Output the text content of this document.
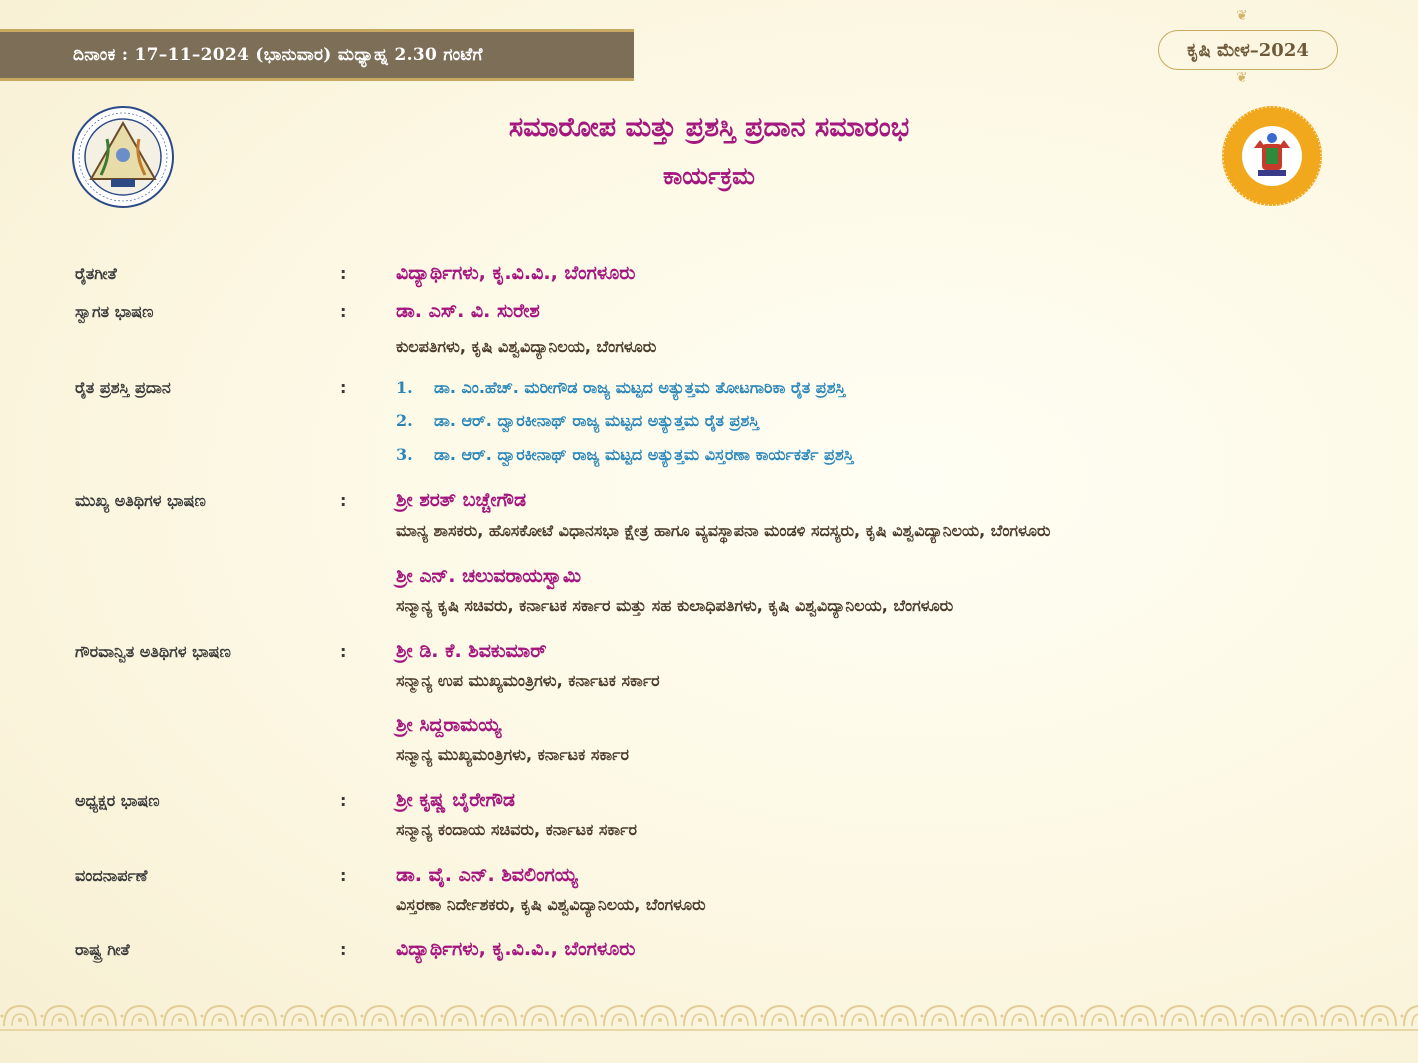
ದಿನಾಂಕ : 17–11–2024 (ಭಾನುವಾರ) ಮಧ್ಯಾಹ್ನ 2.30 ಗಂಟೆಗೆ
❦
ಕೃಷಿ ಮೇಳ–2024
❦
ಸಮಾರೋಪ ಮತ್ತು ಪ್ರಶಸ್ತಿ ಪ್ರದಾನ ಸಮಾರಂಭ
ಕಾರ್ಯಕ್ರಮ
ರೈತಗೀತೆ	:	ವಿದ್ಯಾರ್ಥಿಗಳು, ಕೃ.ವಿ.ವಿ., ಬೆಂಗಳೂರು
ಸ್ವಾಗತ ಭಾಷಣ	:	ಡಾ. ಎಸ್. ವಿ. ಸುರೇಶ
ಕುಲಪತಿಗಳು, ಕೃಷಿ ವಿಶ್ವವಿದ್ಯಾನಿಲಯ, ಬೆಂಗಳೂರು
ರೈತ ಪ್ರಶಸ್ತಿ ಪ್ರದಾನ	:	1. ಡಾ. ಎಂ.ಹೆಚ್. ಮರೀಗೌಡ ರಾಜ್ಯ ಮಟ್ಟದ ಅತ್ಯುತ್ತಮ ತೋಟಗಾರಿಕಾ ರೈತ ಪ್ರಶಸ್ತಿ
2. ಡಾ. ಆರ್. ದ್ವಾರಕೀನಾಥ್ ರಾಜ್ಯ ಮಟ್ಟದ ಅತ್ಯುತ್ತಮ ರೈತ ಪ್ರಶಸ್ತಿ
3. ಡಾ. ಆರ್. ದ್ವಾರಕೀನಾಥ್ ರಾಜ್ಯ ಮಟ್ಟದ ಅತ್ಯುತ್ತಮ ವಿಸ್ತರಣಾ ಕಾರ್ಯಕರ್ತೆ ಪ್ರಶಸ್ತಿ
ಮುಖ್ಯ ಅತಿಥಿಗಳ ಭಾಷಣ	:	ಶ್ರೀ ಶರತ್ ಬಚ್ಚೇಗೌಡ
ಮಾನ್ಯ ಶಾಸಕರು, ಹೊಸಕೋಟೆ ವಿಧಾನಸಭಾ ಕ್ಷೇತ್ರ ಹಾಗೂ ವ್ಯವಸ್ಥಾಪನಾ ಮಂಡಳಿ ಸದಸ್ಯರು, ಕೃಷಿ ವಿಶ್ವವಿದ್ಯಾನಿಲಯ, ಬೆಂಗಳೂರು
ಶ್ರೀ ಎನ್. ಚಲುವರಾಯಸ್ವಾಮಿ
ಸನ್ಮಾನ್ಯ ಕೃಷಿ ಸಚಿವರು, ಕರ್ನಾಟಕ ಸರ್ಕಾರ ಮತ್ತು ಸಹ ಕುಲಾಧಿಪತಿಗಳು, ಕೃಷಿ ವಿಶ್ವವಿದ್ಯಾನಿಲಯ, ಬೆಂಗಳೂರು
ಗೌರವಾನ್ವಿತ ಅತಿಥಿಗಳ ಭಾಷಣ	:	ಶ್ರೀ ಡಿ. ಕೆ. ಶಿವಕುಮಾರ್
ಸನ್ಮಾನ್ಯ ಉಪ ಮುಖ್ಯಮಂತ್ರಿಗಳು, ಕರ್ನಾಟಕ ಸರ್ಕಾರ
ಶ್ರೀ ಸಿದ್ದರಾಮಯ್ಯ
ಸನ್ಮಾನ್ಯ ಮುಖ್ಯಮಂತ್ರಿಗಳು, ಕರ್ನಾಟಕ ಸರ್ಕಾರ
ಅಧ್ಯಕ್ಷರ ಭಾಷಣ	:	ಶ್ರೀ ಕೃಷ್ಣ ಬೈರೇಗೌಡ
ಸನ್ಮಾನ್ಯ ಕಂದಾಯ ಸಚಿವರು, ಕರ್ನಾಟಕ ಸರ್ಕಾರ
ವಂದನಾರ್ಪಣೆ	:	ಡಾ. ವೈ. ಎನ್. ಶಿವಲಿಂಗಯ್ಯ
ವಿಸ್ತರಣಾ ನಿರ್ದೇಶಕರು, ಕೃಷಿ ವಿಶ್ವವಿದ್ಯಾನಿಲಯ, ಬೆಂಗಳೂರು
ರಾಷ್ಟ್ರ ಗೀತೆ	:	ವಿದ್ಯಾರ್ಥಿಗಳು, ಕೃ.ವಿ.ವಿ., ಬೆಂಗಳೂರು
